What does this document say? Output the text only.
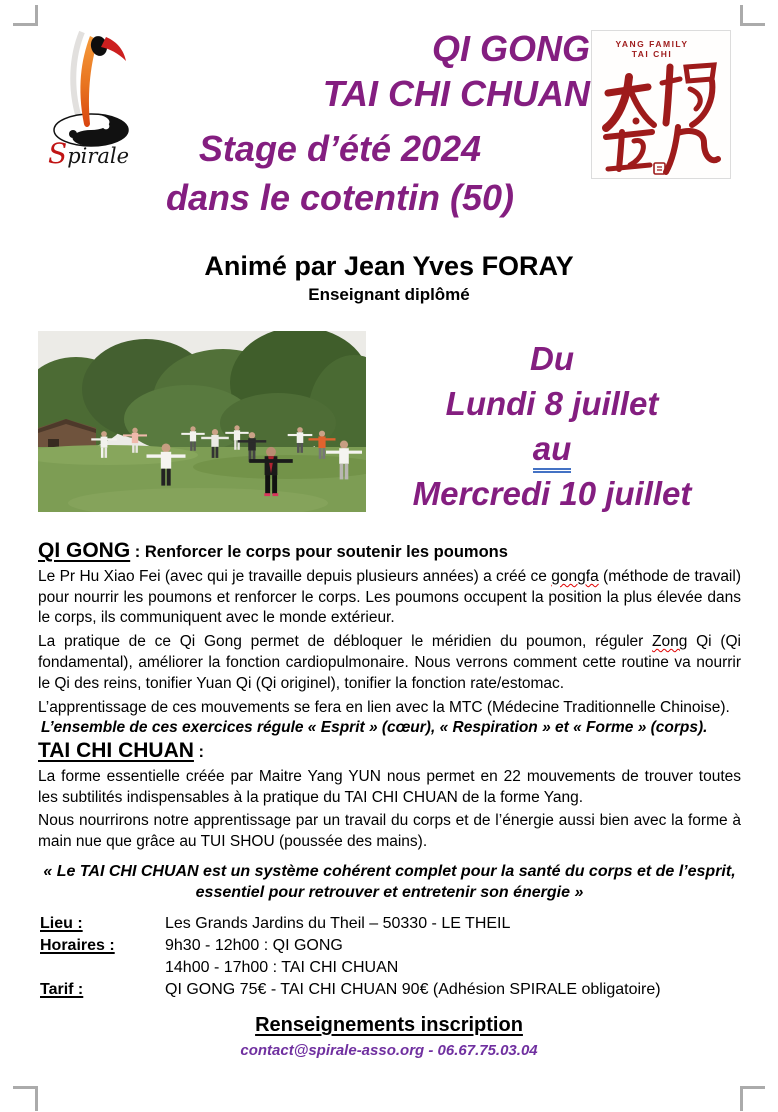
Spirale
QI GONG
TAI CHI CHUAN
Stage d’été 2024
dans le cotentin (50)
YANG FAMILY
TAI CHI
Animé par Jean Yves FORAY
Enseignant diplômé
Du
Lundi 8 juillet
au
Mercredi 10 juillet
QI GONG : Renforcer le corps pour soutenir les poumons

Le Pr Hu Xiao Fei (avec qui je travaille depuis plusieurs années) a créé ce gongfa (méthode de travail) pour nourrir les poumons et renforcer le corps. Les poumons occupent la position la plus élevée dans le corps, ils communiquent avec le monde extérieur.

La pratique de ce Qi Gong permet de débloquer le méridien du poumon, réguler Zong Qi (Qi fondamental), améliorer la fonction cardiopulmonaire. Nous verrons comment cette routine va nourrir le Qi des reins, tonifier Yuan Qi (Qi originel), tonifier la fonction rate/estomac.

L’apprentissage de ces mouvements se fera en lien avec la MTC (Médecine Traditionnelle Chinoise).

L’ensemble de ces exercices régule « Esprit » (cœur), « Respiration » et « Forme » (corps).

TAI CHI CHUAN :

La forme essentielle créée par Maitre Yang YUN nous permet en 22 mouvements de trouver toutes les subtilités indispensables à la pratique du TAI CHI CHUAN de la forme Yang.

Nous nourrirons notre apprentissage par un travail du corps et de l’énergie aussi bien avec la forme à main nue que grâce au TUI SHOU (poussée des mains).

« Le TAI CHI CHUAN est un système cohérent complet pour la santé du corps et de l’esprit, essentiel pour retrouver et entretenir son énergie »
Lieu :	Les Grands Jardins du Theil – 50330 - LE THEIL
Horaires :	9h30 - 12h00 : QI GONG
14h00 - 17h00 : TAI CHI CHUAN
Tarif :	QI GONG 75€ - TAI CHI CHUAN 90€ (Adhésion SPIRALE obligatoire)
Renseignements inscription
contact@spirale-asso.org - 06.67.75.03.04
